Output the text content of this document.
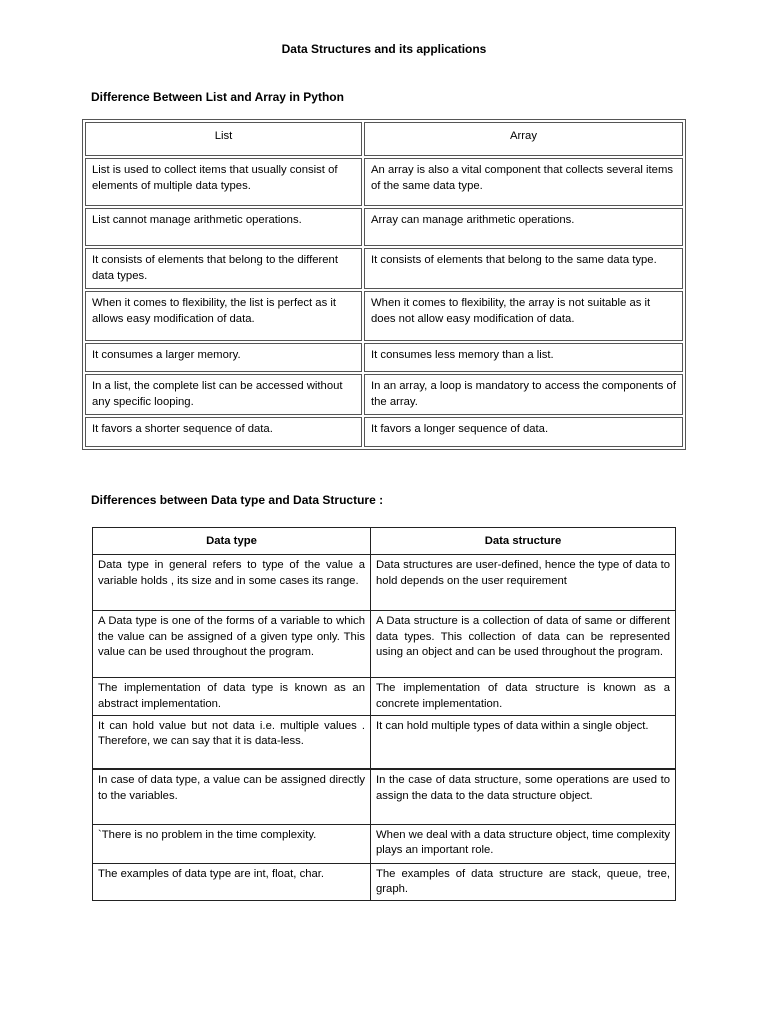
Data Structures and its applications
Difference Between List and Array in Python
List	Array
List is used to collect items that usually consist of elements of multiple data types.	An array is also a vital component that collects several items of the same data type.
List cannot manage arithmetic operations.	Array can manage arithmetic operations.
It consists of elements that belong to the different data types.	It consists of elements that belong to the same data type.
When it comes to flexibility, the list is perfect as it allows easy modification of data.	When it comes to flexibility, the array is not suitable as it does not allow easy modification of data.
It consumes a larger memory.	It consumes less memory than a list.
In a list, the complete list can be accessed without any specific looping.	In an array, a loop is mandatory to access the components of the array.
It favors a shorter sequence of data.	It favors a longer sequence of data.
Differences between Data type and Data Structure :
Data type	Data structure
Data type in general refers to type of the value a variable holds , its size and in some cases its range.	Data structures are user-defined, hence the type of data to hold depends on the user requirement
A Data type is one of the forms of a variable to which the value can be assigned of a given type only. This value can be used throughout the program.	A Data structure is a collection of data of same or different data types. This collection of data can be represented using an object and can be used throughout the program.
The implementation of data type is known as an abstract implementation.	The implementation of data structure is known as a concrete implementation.
It can hold value but not data i.e. multiple values . Therefore, we can say that it is data-less.	It can hold multiple types of data within a single object.
In case of data type, a value can be assigned directly to the variables.	In the case of data structure, some operations are used to assign the data to the data structure object.
`There is no problem in the time complexity.	When we deal with a data structure object, time complexity plays an important role.
The examples of data type are int, float, char.	The examples of data structure are stack, queue, tree, graph.
